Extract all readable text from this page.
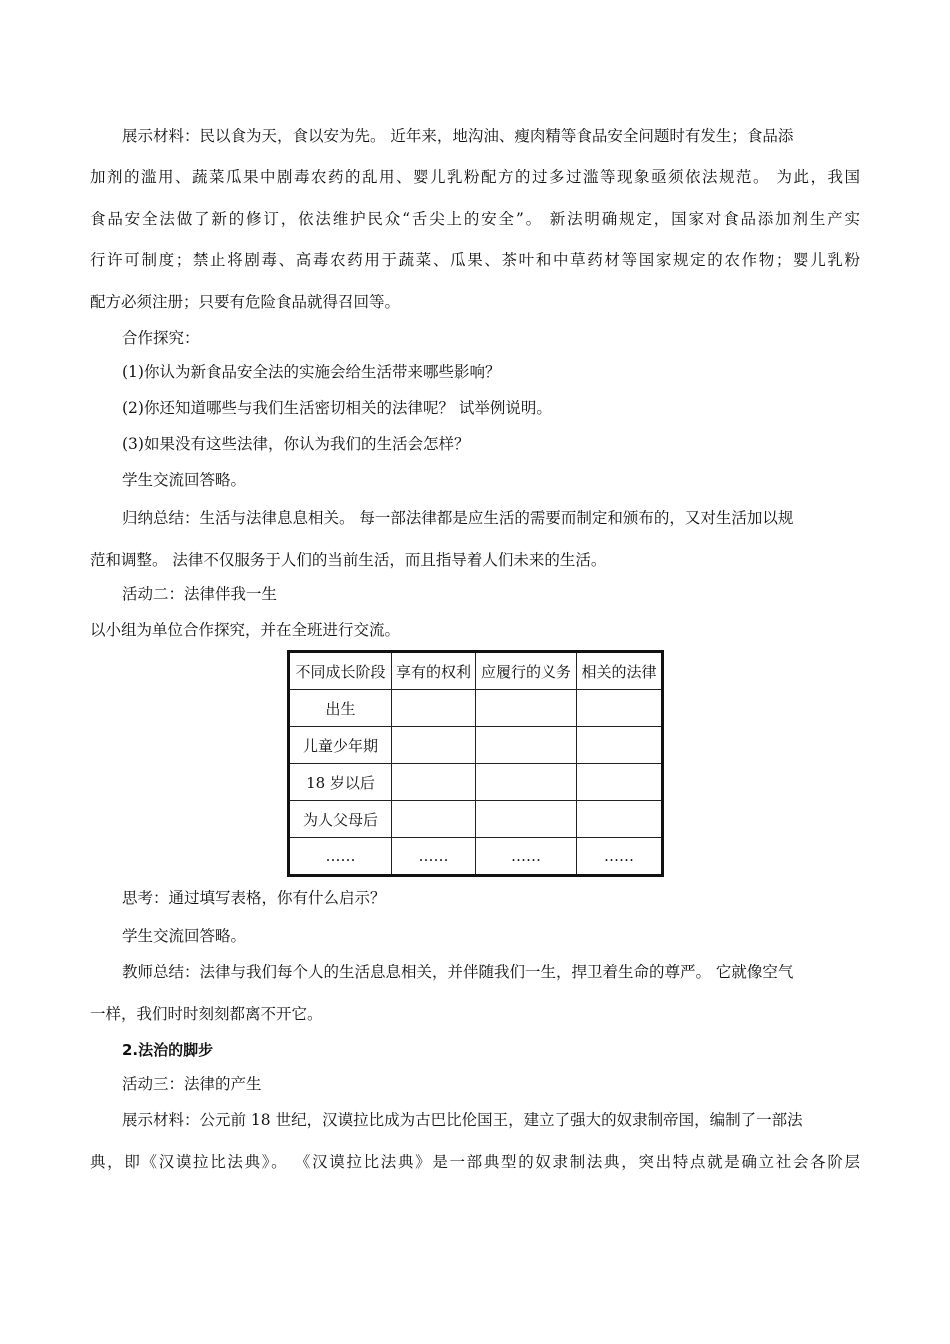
展示材料：民以食为天，食以安为先。 近年来，地沟油、瘦肉精等食品安全问题时有发生；食品添
加剂的滥用、蔬菜瓜果中剧毒农药的乱用、婴儿乳粉配方的过多过滥等现象亟须依法规范。 为此，我国
食品安全法做了新的修订，依法维护民众“舌尖上的安全”。 新法明确规定，国家对食品添加剂生产实
行许可制度；禁止将剧毒、高毒农药用于蔬菜、瓜果、茶叶和中草药材等国家规定的农作物；婴儿乳粉
配方必须注册；只要有危险食品就得召回等。
合作探究：
(1)你认为新食品安全法的实施会给生活带来哪些影响？
(2)你还知道哪些与我们生活密切相关的法律呢？ 试举例说明。
(3)如果没有这些法律，你认为我们的生活会怎样？
学生交流回答略。
归纳总结：生活与法律息息相关。 每一部法律都是应生活的需要而制定和颁布的，又对生活加以规
范和调整。 法律不仅服务于人们的当前生活，而且指导着人们未来的生活。
活动二：法律伴我一生
以小组为单位合作探究，并在全班进行交流。
不同成长阶段	享有的权利	应履行的义务	相关的法律
出生			
儿童少年期			
18 岁以后			
为人父母后			
……	……	……	……
思考：通过填写表格，你有什么启示？
学生交流回答略。
教师总结：法律与我们每个人的生活息息相关，并伴随我们一生，捍卫着生命的尊严。 它就像空气
一样，我们时时刻刻都离不开它。
2.法治的脚步
活动三：法律的产生
展示材料：公元前 18 世纪，汉谟拉比成为古巴比伦国王，建立了强大的奴隶制帝国，编制了一部法
典，即《汉谟拉比法典》。 《汉谟拉比法典》是一部典型的奴隶制法典，突出特点就是确立社会各阶层
